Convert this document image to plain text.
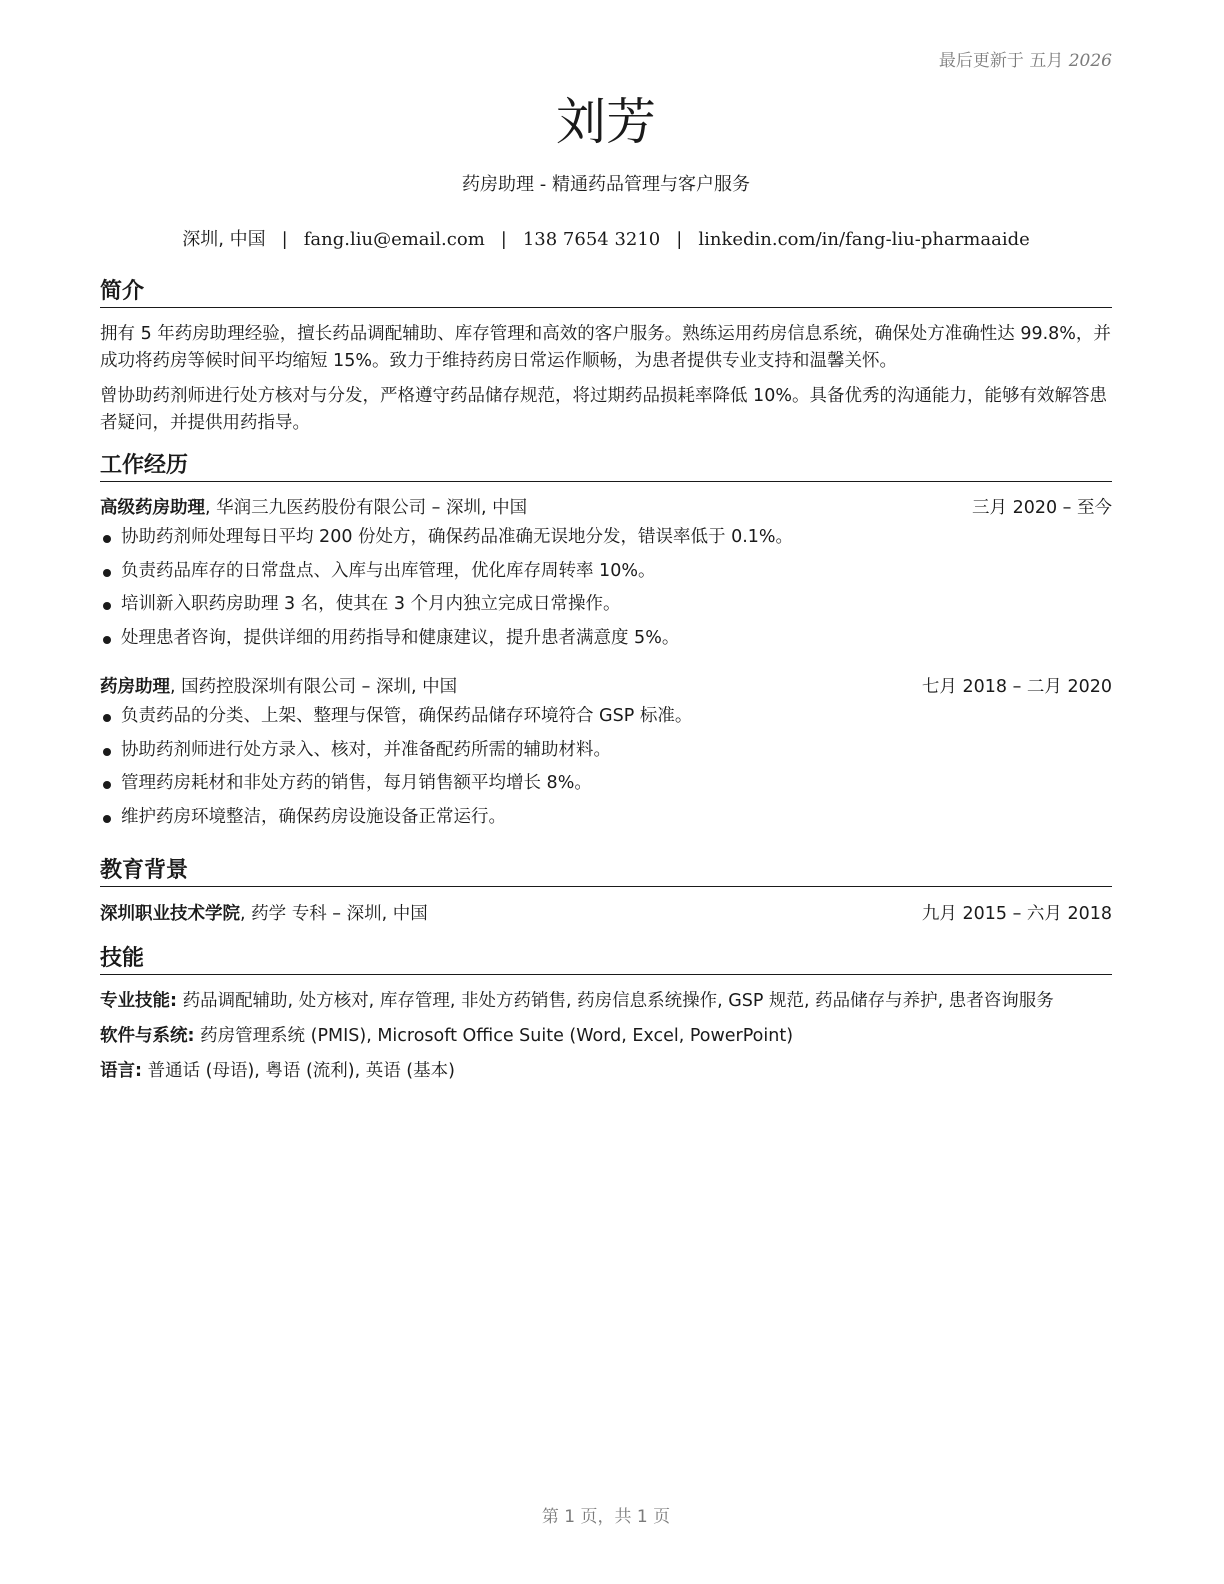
最后更新于 五月 2026
刘芳
药房助理 - 精通药品管理与客户服务
深圳, 中国 | fang.liu@email.com | 138 7654 3210 | linkedin.com/in/fang-liu-pharmaaide
简介

拥有 5 年药房助理经验，擅长药品调配辅助、库存管理和高效的客户服务。熟练运用药房信息系统，确保处方准确性达 99.8%，并成功将药房等候时间平均缩短 15%。致力于维持药房日常运作顺畅，为患者提供专业支持和温馨关怀。

曾协助药剂师进行处方核对与分发，严格遵守药品储存规范，将过期药品损耗率降低 10%。具备优秀的沟通能力，能够有效解答患者疑问，并提供用药指导。

工作经历
高级药房助理, 华润三九医药股份有限公司 – 深圳, 中国	三月 2020 – 至今
协助药剂师处理每日平均 200 份处方，确保药品准确无误地分发，错误率低于 0.1%。
负责药品库存的日常盘点、入库与出库管理，优化库存周转率 10%。
培训新入职药房助理 3 名，使其在 3 个月内独立完成日常操作。
处理患者咨询，提供详细的用药指导和健康建议，提升患者满意度 5%。
药房助理, 国药控股深圳有限公司 – 深圳, 中国	七月 2018 – 二月 2020
负责药品的分类、上架、整理与保管，确保药品储存环境符合 GSP 标准。
协助药剂师进行处方录入、核对，并准备配药所需的辅助材料。
管理药房耗材和非处方药的销售，每月销售额平均增长 8%。
维护药房环境整洁，确保药房设施设备正常运行。
教育背景
深圳职业技术学院, 药学 专科 – 深圳, 中国	九月 2015 – 六月 2018
技能
专业技能: 药品调配辅助, 处方核对, 库存管理, 非处方药销售, 药房信息系统操作, GSP 规范, 药品储存与养护, 患者咨询服务
软件与系统: 药房管理系统 (PMIS), Microsoft Office Suite (Word, Excel, PowerPoint)
语言: 普通话 (母语), 粤语 (流利), 英语 (基本)
第 1 页，共 1 页
